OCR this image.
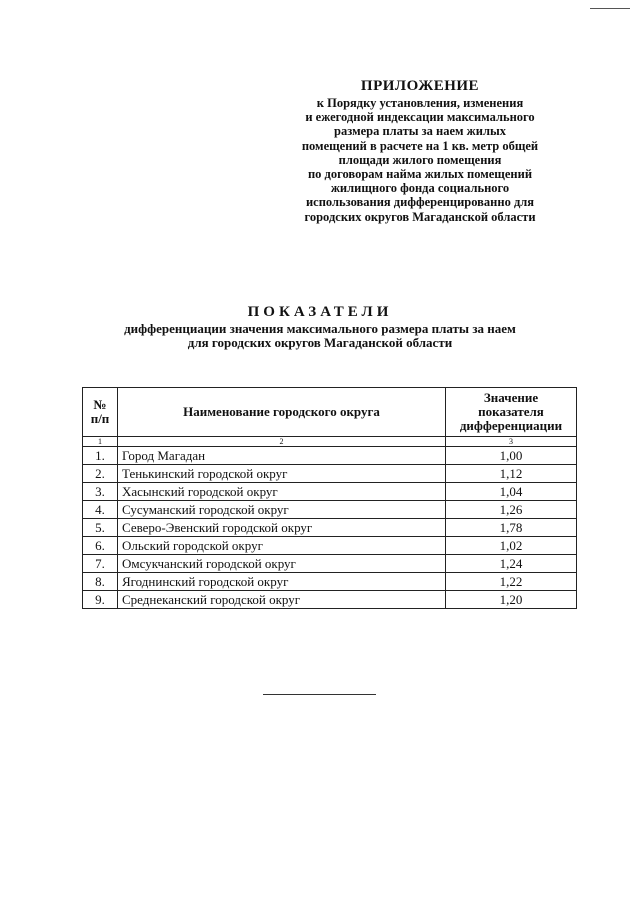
ПРИЛОЖЕНИЕ
к Порядку установления, изменения
и ежегодной индексации максимального
размера платы за наем жилых
помещений в расчете на 1 кв. метр общей
площади жилого помещения
по договорам найма жилых помещений
жилищного фонда социального
использования дифференцированно для
городских округов Магаданской области
ПОКАЗАТЕЛИ
дифференциации значения максимального размера платы за наем
для городских округов Магаданской области
№ п/п	Наименование городского округа	Значение показателя дифференциации
1	2	3
1.	Город Магадан	1,00
2.	Тенькинский городской округ	1,12
3.	Хасынский городской округ	1,04
4.	Сусуманский городской округ	1,26
5.	Северо-Эвенский городской округ	1,78
6.	Ольский городской округ	1,02
7.	Омсукчанский городской округ	1,24
8.	Ягоднинский городской округ	1,22
9.	Среднеканский городской округ	1,20
